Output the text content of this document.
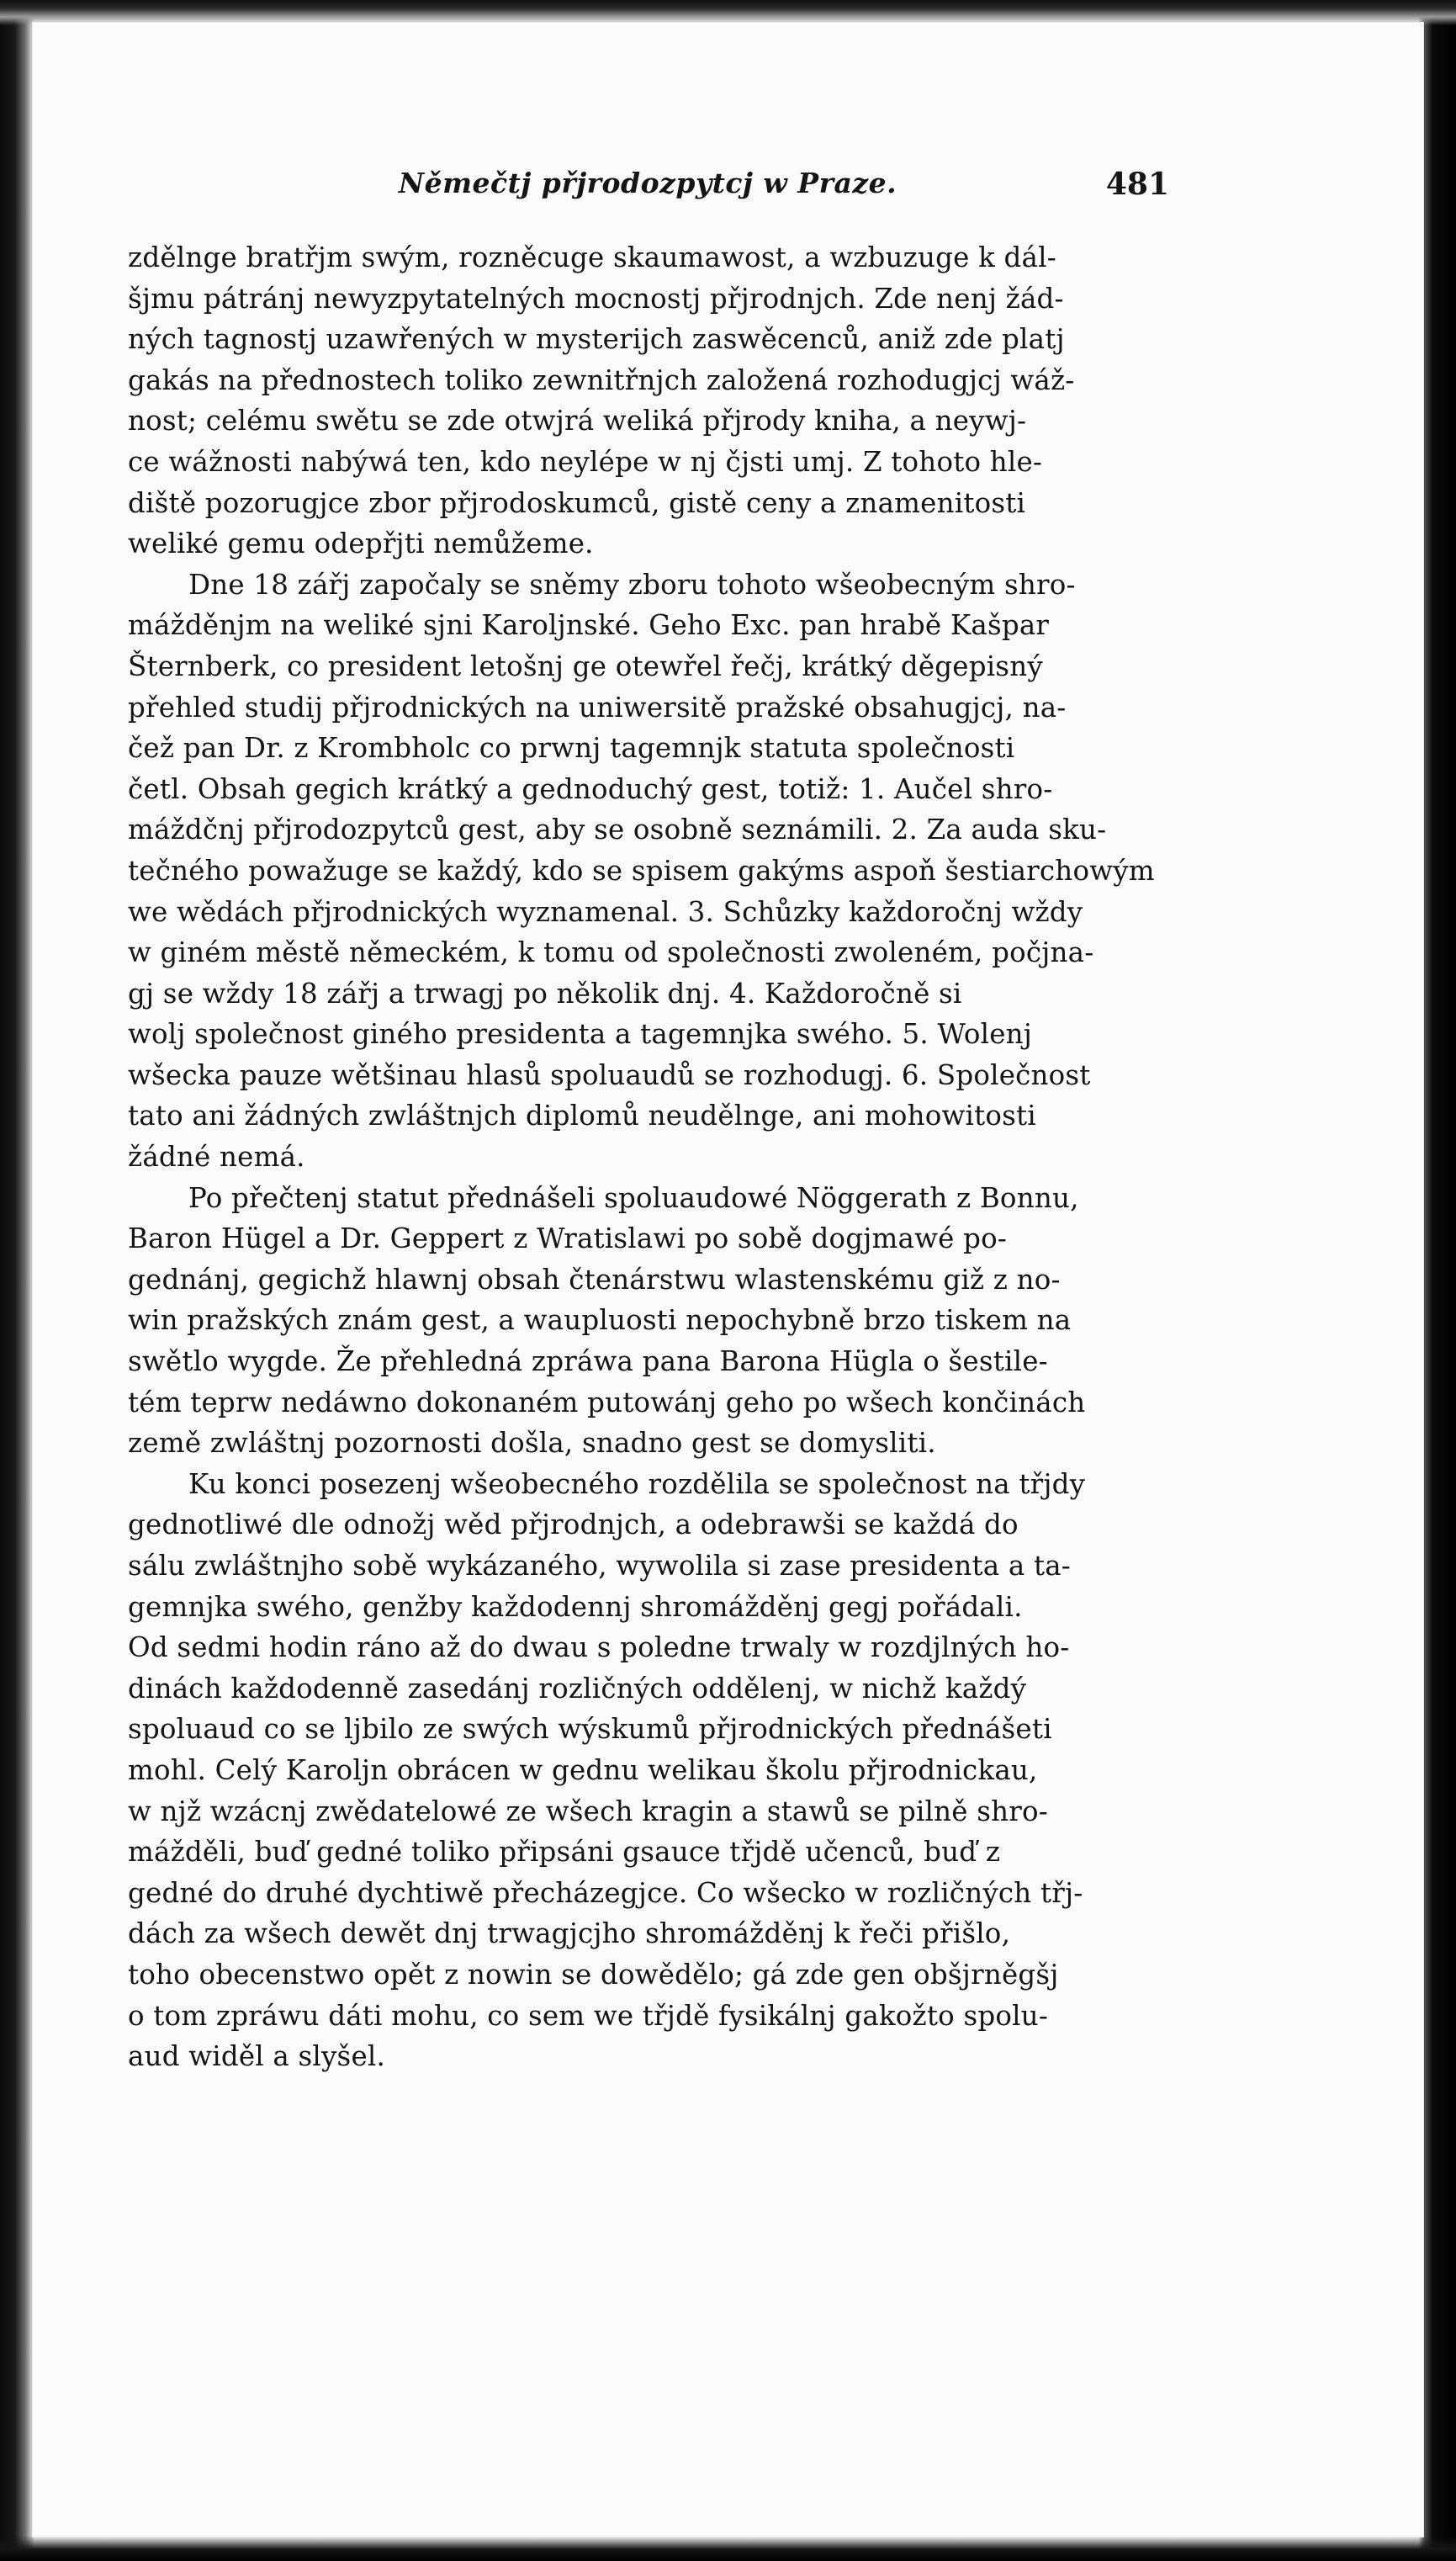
Němečtj přjrodozpytcj w Praze.	481

zdělnge bratřjm swým, rozněcuge skaumawost, a wzbuzuge k dál-
šjmu pátránj newyzpytatelných mocnostj přjrodnjch. Zde nenj žád-
ných tagnostj uzawřených w mysterijch zaswěcenců, aniž zde platj
gakás na přednostech toliko zewnitřnjch založená rozhodugjcj wáž-
nost; celému swětu se zde otwjrá weliká přjrody kniha, a neywj-
ce wážnosti nabýwá ten, kdo neylépe w nj čjsti umj. Z tohoto hle-
diště pozorugjce zbor přjrodoskumců, gistě ceny a znamenitosti
weliké gemu odepřjti nemůžeme.

Dne 18 zářj započaly se sněmy zboru tohoto wšeobecným shro-
mážděnjm na weliké sjni Karoljnské. Geho Exc. pan hrabě Kašpar
Šternberk, co president letošnj ge otewřel řečj, krátký děgepisný
přehled studij přjrodnických na uniwersitě pražské obsahugjcj, na-
čež pan Dr. z Krombholc co prwnj tagemnjk statuta společnosti
četl. Obsah gegich krátký a gednoduchý gest, totiž: 1. Aučel shro-
máždčnj přjrodozpytců gest, aby se osobně seznámili. 2. Za auda sku-
tečného powažuge se každý, kdo se spisem gakýms aspoň šestiarchowým
we wědách přjrodnických wyznamenal. 3. Schůzky každoročnj wždy
w giném městě německém, k tomu od společnosti zwoleném, počjna-
gj se wždy 18 zářj a trwagj po několik dnj. 4. Každoročně si
wolj společnost giného presidenta a tagemnjka swého. 5. Wolenj
wšecka pauze wětšinau hlasů spoluaudů se rozhodugj. 6. Společnost
tato ani žádných zwláštnjch diplomů neudělnge, ani mohowitosti
žádné nemá.

Po přečtenj statut přednášeli spoluaudowé Nöggerath z Bonnu,
Baron Hügel a Dr. Geppert z Wratislawi po sobě dogjmawé po-
gednánj, gegichž hlawnj obsah čtenárstwu wlastenskému giž z no-
win pražských znám gest, a waupluosti nepochybně brzo tiskem na
swětlo wygde. Že přehledná zpráwa pana Barona Hügla o šestile-
tém teprw nedáwno dokonaném putowánj geho po wšech končinách
země zwláštnj pozornosti došla, snadno gest se domysliti.

Ku konci posezenj wšeobecného rozdělila se společnost na třjdy
gednotliwé dle odnožj wěd přjrodnjch, a odebrawši se každá do
sálu zwláštnjho sobě wykázaného, wywolila si zase presidenta a ta-
gemnjka swého, genžby každodennj shromážděnj gegj pořádali.
Od sedmi hodin ráno až do dwau s poledne trwaly w rozdjlných ho-
dinách každodenně zasedánj rozličných oddělenj, w nichž každý
spoluaud co se ljbilo ze swých wýskumů přjrodnických přednášeti
mohl. Celý Karoljn obrácen w gednu welikau školu přjrodnickau,
w njž wzácnj zwědatelowé ze wšech kragin a stawů se pilně shro-
mážděli, buď gedné toliko připsáni gsauce třjdě učenců, buď z
gedné do druhé dychtiwě přecházegjce. Co wšecko w rozličných třj-
dách za wšech dewět dnj trwagjcjho shromážděnj k řeči přišlo,
toho obecenstwo opět z nowin se dowědělo; gá zde gen obšjrněgšj
o tom zpráwu dáti mohu, co sem we třjdě fysikálnj gakožto spolu-
aud widěl a slyšel.
